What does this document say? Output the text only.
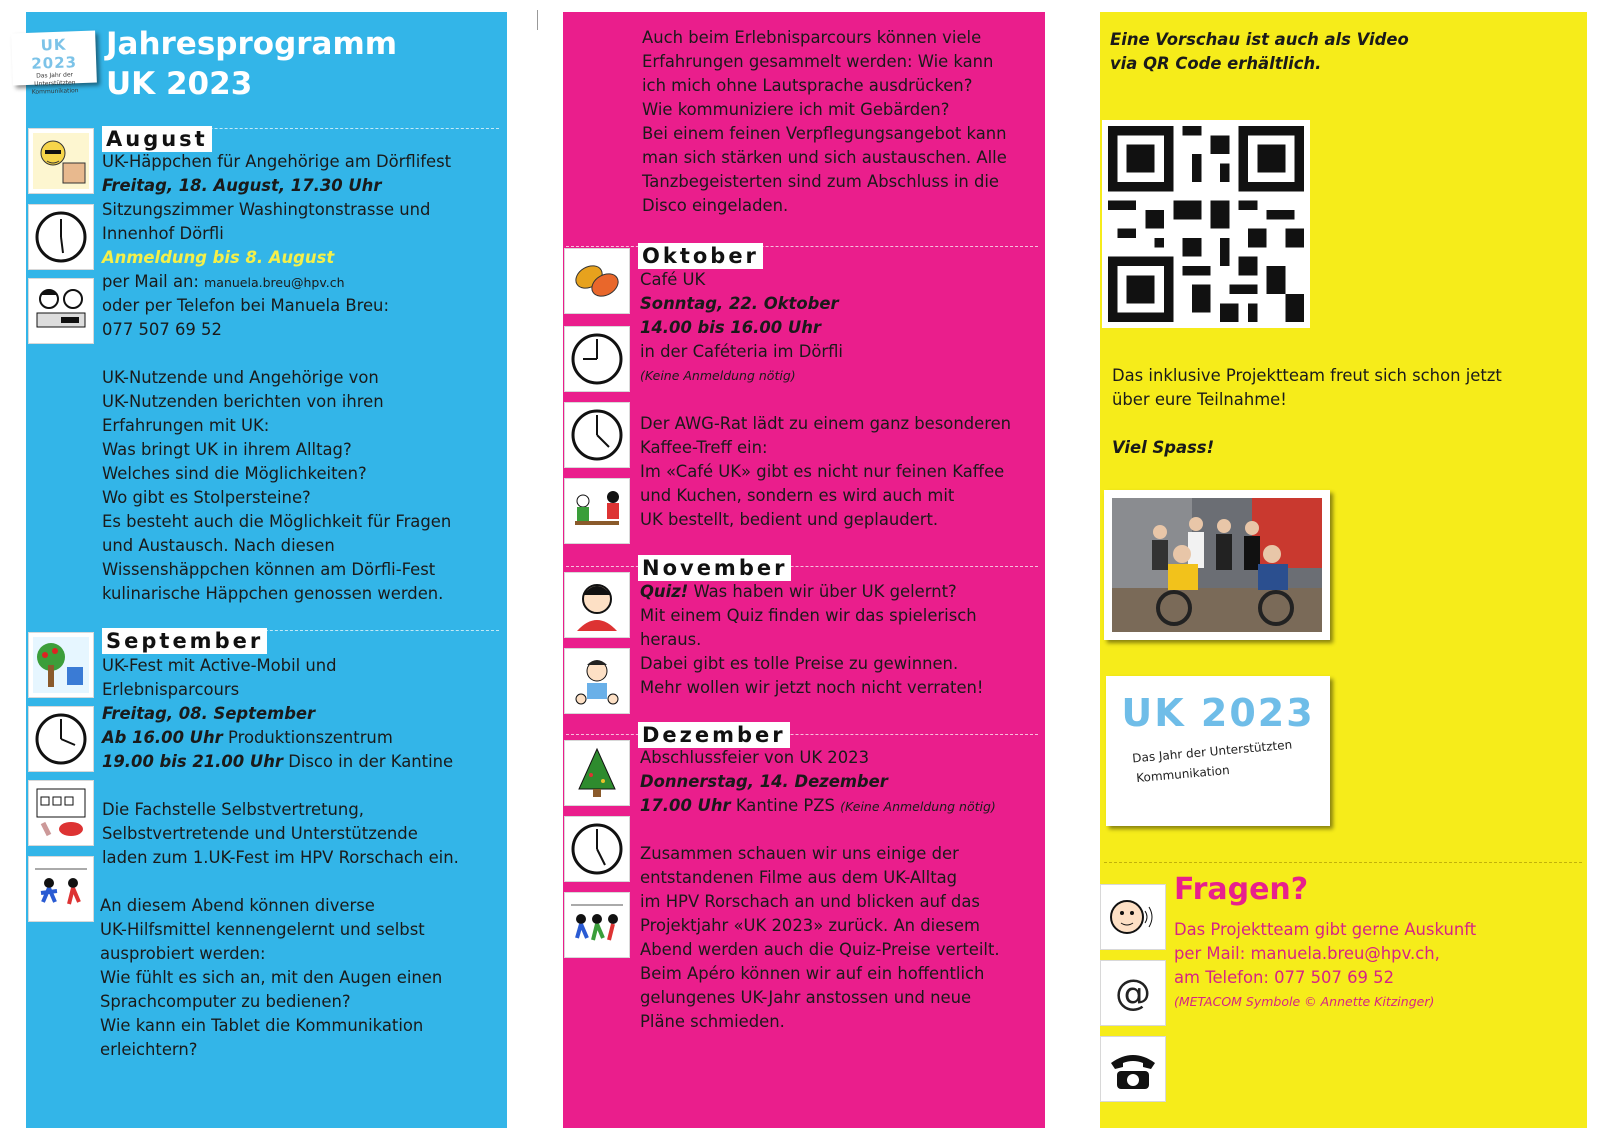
UK 2023
Das Jahr der Unterstützten Kommunikation
Jahresprogramm
UK 2023
August
UK-Häppchen für Angehörige am Dörflifest
Freitag, 18. August, 17.30 Uhr
Sitzungszimmer Washingtonstrasse und
Innenhof Dörfli
Anmeldung bis 8. August
per Mail an: manuela.breu@hpv.ch
oder per Telefon bei Manuela Breu:
077 507 69 52
UK-Nutzende und Angehörige von
UK-Nutzenden berichten von ihren
Erfahrungen mit UK:
Was bringt UK in ihrem Alltag?
Welches sind die Möglichkeiten?
Wo gibt es Stolpersteine?
Es besteht auch die Möglichkeit für Fragen
und Austausch. Nach diesen
Wissenshäppchen können am Dörfli-Fest
kulinarische Häppchen genossen werden.
September
UK-Fest mit Active-Mobil und
Erlebnisparcours
Freitag, 08. September
Ab 16.00 Uhr Produktionszentrum
19.00 bis 21.00 Uhr Disco in der Kantine
Die Fachstelle Selbstvertretung,
Selbstvertretende und Unterstützende
laden zum 1.UK-Fest im HPV Rorschach ein.
An diesem Abend können diverse
UK-Hilfsmittel kennengelernt und selbst
ausprobiert werden:
Wie fühlt es sich an, mit den Augen einen
Sprachcomputer zu bedienen?
Wie kann ein Tablet die Kommunikation
erleichtern?
Auch beim Erlebnisparcours können viele
Erfahrungen gesammelt werden: Wie kann
ich mich ohne Lautsprache ausdrücken?
Wie kommuniziere ich mit Gebärden?
Bei einem feinen Verpflegungsangebot kann
man sich stärken und sich austauschen. Alle
Tanzbegeisterten sind zum Abschluss in die
Disco eingeladen.
Oktober
Café UK
Sonntag, 22. Oktober
14.00 bis 16.00 Uhr
in der Caféteria im Dörfli
(Keine Anmeldung nötig)
Der AWG-Rat lädt zu einem ganz besonderen
Kaffee-Treff ein:
Im «Café UK» gibt es nicht nur feinen Kaffee
und Kuchen, sondern es wird auch mit
UK bestellt, bedient und geplaudert.
November
Quiz! Was haben wir über UK gelernt?
Mit einem Quiz finden wir das spielerisch
heraus.
Dabei gibt es tolle Preise zu gewinnen.
Mehr wollen wir jetzt noch nicht verraten!
Dezember
Abschlussfeier von UK 2023
Donnerstag, 14. Dezember
17.00 Uhr Kantine PZS (Keine Anmeldung nötig)
Zusammen schauen wir uns einige der
entstandenen Filme aus dem UK-Alltag
im HPV Rorschach an und blicken auf das
Projektjahr «UK 2023» zurück. An diesem
Abend werden auch die Quiz-Preise verteilt.
Beim Apéro können wir auf ein hoffentlich
gelungenes UK-Jahr anstossen und neue
Pläne schmieden.
Eine Vorschau ist auch als Video
via QR Code erhältlich.
Das inklusive Projektteam freut sich schon jetzt
über eure Teilnahme!
Viel Spass!
UK 2023
Das Jahr der Unterstützten
Kommunikation
@
Fragen?
Das Projektteam gibt gerne Auskunft
per Mail: manuela.breu@hpv.ch,
am Telefon: 077 507 69 52
(METACOM Symbole © Annette Kitzinger)
